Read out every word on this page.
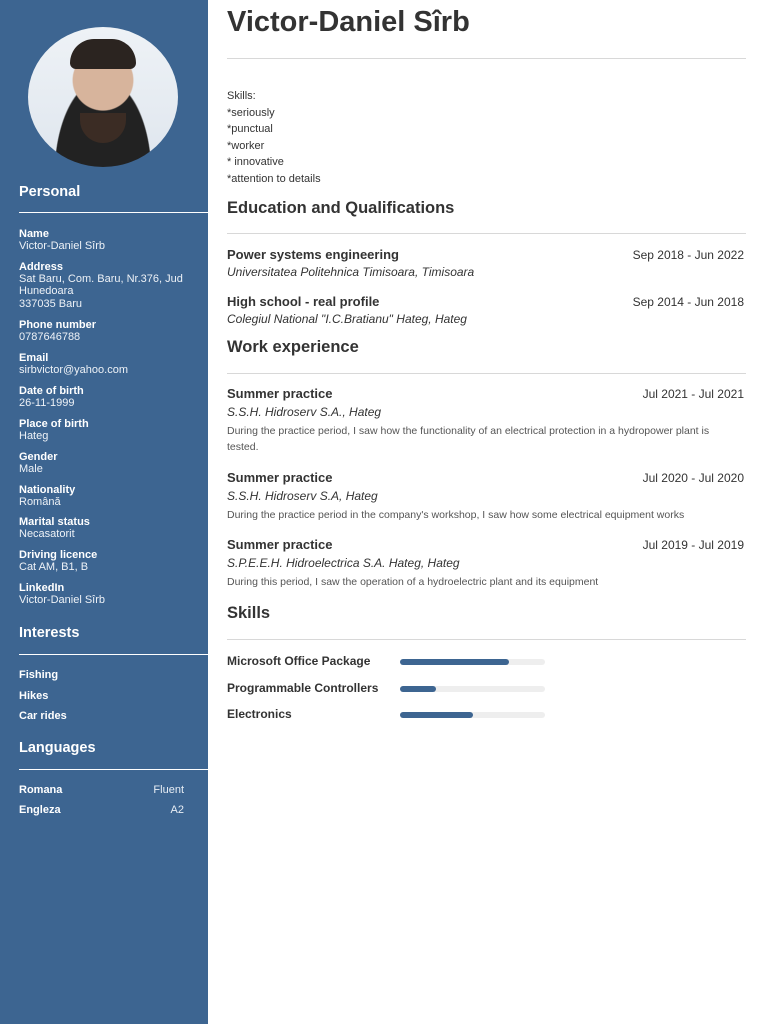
Personal
Name
Victor-Daniel Sîrb
Address
Sat Baru, Com. Baru, Nr.376, Jud
Hunedoara
337035 Baru
Phone number
0787646788
Email
sirbvictor@yahoo.com
Date of birth
26-11-1999
Place of birth
Hateg
Gender
Male
Nationality
Română
Marital status
Necasatorit
Driving licence
Cat AM, B1, B
LinkedIn
Victor-Daniel Sîrb
Interests
Fishing
Hikes
Car rides
Languages
Romana	Fluent
Engleza	A2
Victor-Daniel Sîrb
Skills:
*seriously
*punctual
*worker
* innovative
*attention to details
Education and Qualifications
Power systems engineering	Sep 2018 - Jun 2022
Universitatea Politehnica Timisoara, Timisoara
High school - real profile	Sep 2014 - Jun 2018
Colegiul National "I.C.Bratianu" Hateg, Hateg
Work experience
Summer practice	Jul 2021 - Jul 2021
S.S.H. Hidroserv S.A., Hateg
During the practice period, I saw how the functionality of an electrical protection in a hydropower plant is tested.
Summer practice	Jul 2020 - Jul 2020
S.S.H. Hidroserv S.A, Hateg
During the practice period in the company's workshop, I saw how some electrical equipment works
Summer practice	Jul 2019 - Jul 2019
S.P.E.E.H. Hidroelectrica S.A. Hateg, Hateg
During this period, I saw the operation of a hydroelectric plant and its equipment
Skills
Microsoft Office Package
Programmable Controllers
Electronics
